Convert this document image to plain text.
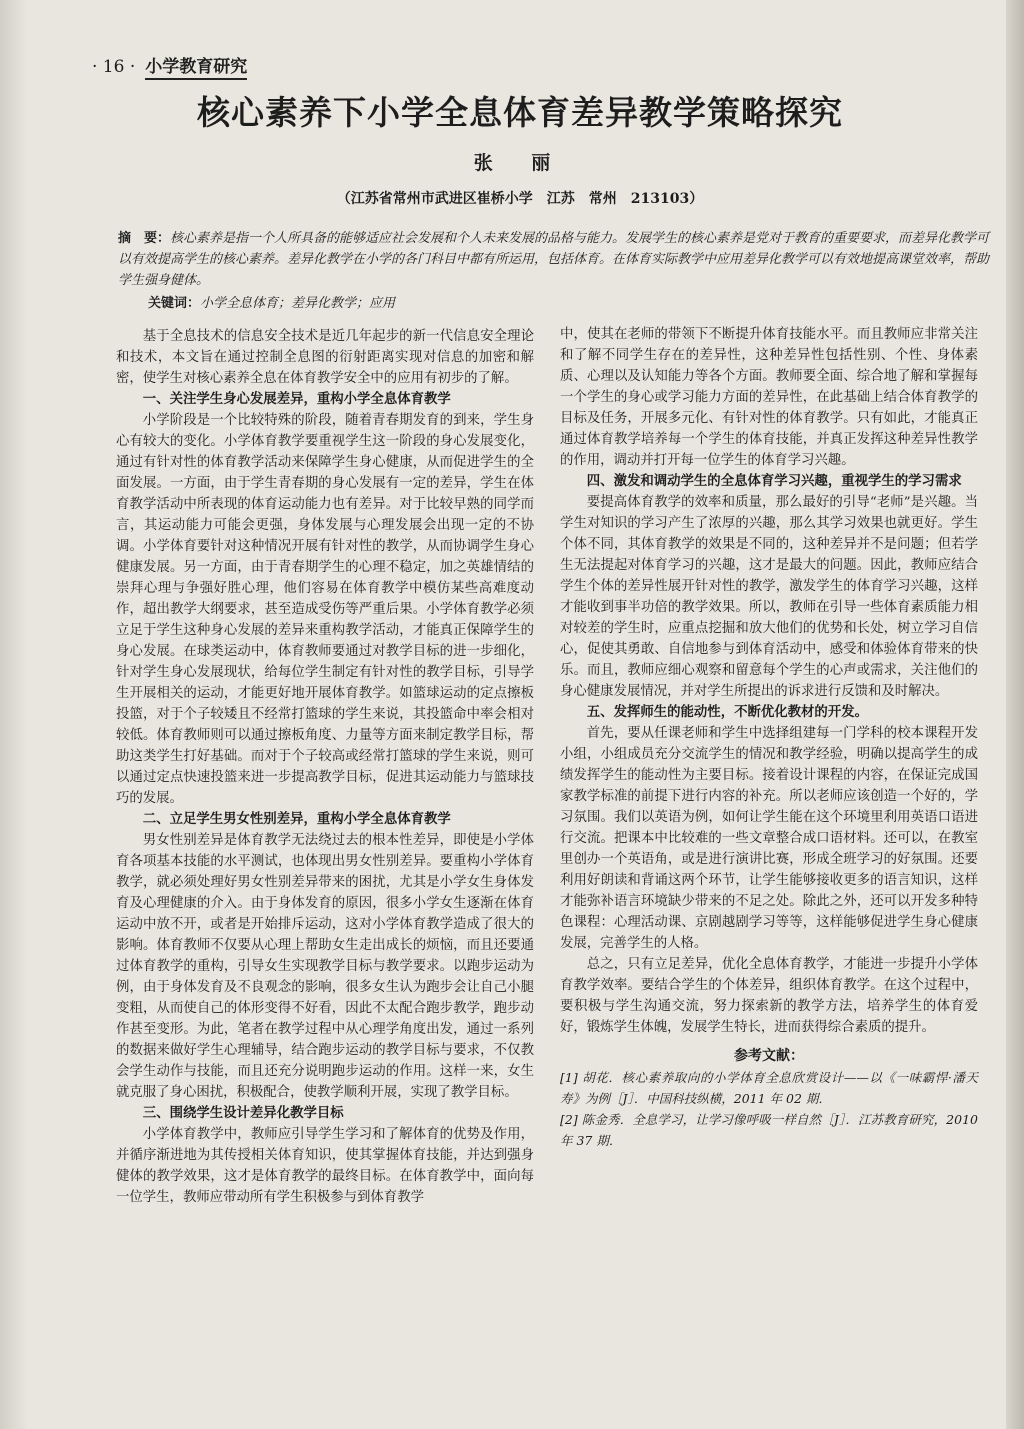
· 16 · 小学教育研究
核心素养下小学全息体育差异教学策略探究
张 丽
（江苏省常州市武进区崔桥小学　江苏　常州　213103）
摘　要：核心素养是指一个人所具备的能够适应社会发展和个人未来发展的品格与能力。发展学生的核心素养是党对于教育的重要要求，而差异化教学可以有效提高学生的核心素养。差异化教学在小学的各门科目中都有所运用，包括体育。在体育实际教学中应用差异化教学可以有效地提高课堂效率，帮助学生强身健体。
关键词：小学全息体育；差异化教学；应用

基于全息技术的信息安全技术是近几年起步的新一代信息安全理论和技术，本文旨在通过控制全息图的衍射距离实现对信息的加密和解密，使学生对核心素养全息在体育教学安全中的应用有初步的了解。

一、关注学生身心发展差异，重构小学全息体育教学

小学阶段是一个比较特殊的阶段，随着青春期发育的到来，学生身心有较大的变化。小学体育教学要重视学生这一阶段的身心发展变化，通过有针对性的体育教学活动来保障学生身心健康，从而促进学生的全面发展。一方面，由于学生青春期的身心发展有一定的差异，学生在体育教学活动中所表现的体育运动能力也有差异。对于比较早熟的同学而言，其运动能力可能会更强，身体发展与心理发展会出现一定的不协调。小学体育要针对这种情况开展有针对性的教学，从而协调学生身心健康发展。另一方面，由于青春期学生的心理不稳定，加之英雄情结的崇拜心理与争强好胜心理，他们容易在体育教学中模仿某些高难度动作，超出教学大纲要求，甚至造成受伤等严重后果。小学体育教学必须立足于学生这种身心发展的差异来重构教学活动，才能真正保障学生的身心发展。在球类运动中，体育教师要通过对教学目标的进一步细化，针对学生身心发展现状，给每位学生制定有针对性的教学目标，引导学生开展相关的运动，才能更好地开展体育教学。如篮球运动的定点擦板投篮，对于个子较矮且不经常打篮球的学生来说，其投篮命中率会相对较低。体育教师则可以通过擦板角度、力量等方面来制定教学目标，帮助这类学生打好基础。而对于个子较高或经常打篮球的学生来说，则可以通过定点快速投篮来进一步提高教学目标，促进其运动能力与篮球技巧的发展。

二、立足学生男女性别差异，重构小学全息体育教学

男女性别差异是体育教学无法绕过去的根本性差异，即使是小学体育各项基本技能的水平测试，也体现出男女性别差异。要重构小学体育教学，就必须处理好男女性别差异带来的困扰，尤其是小学女生身体发育及心理健康的介入。由于身体发育的原因，很多小学女生逐渐在体育运动中放不开，或者是开始排斥运动，这对小学体育教学造成了很大的影响。体育教师不仅要从心理上帮助女生走出成长的烦恼，而且还要通过体育教学的重构，引导女生实现教学目标与教学要求。以跑步运动为例，由于身体发育及不良观念的影响，很多女生认为跑步会让自己小腿变粗，从而使自己的体形变得不好看，因此不太配合跑步教学，跑步动作甚至变形。为此，笔者在教学过程中从心理学角度出发，通过一系列的数据来做好学生心理辅导，结合跑步运动的教学目标与要求，不仅教会学生动作与技能，而且还充分说明跑步运动的作用。这样一来，女生就克服了身心困扰，积极配合，使教学顺利开展，实现了教学目标。

三、围绕学生设计差异化教学目标

小学体育教学中，教师应引导学生学习和了解体育的优势及作用，并循序渐进地为其传授相关体育知识，使其掌握体育技能，并达到强身健体的教学效果，这才是体育教学的最终目标。在体育教学中，面向每一位学生，教师应带动所有学生积极参与到体育教学

中，使其在老师的带领下不断提升体育技能水平。而且教师应非常关注和了解不同学生存在的差异性，这种差异性包括性别、个性、身体素质、心理以及认知能力等各个方面。教师要全面、综合地了解和掌握每一个学生的身心或学习能力方面的差异性，在此基础上结合体育教学的目标及任务，开展多元化、有针对性的体育教学。只有如此，才能真正通过体育教学培养每一个学生的体育技能，并真正发挥这种差异性教学的作用，调动并打开每一位学生的体育学习兴趣。

四、激发和调动学生的全息体育学习兴趣，重视学生的学习需求

要提高体育教学的效率和质量，那么最好的引导“老师”是兴趣。当学生对知识的学习产生了浓厚的兴趣，那么其学习效果也就更好。学生个体不同，其体育教学的效果是不同的，这种差异并不是问题；但若学生无法提起对体育学习的兴趣，这才是最大的问题。因此，教师应结合学生个体的差异性展开针对性的教学，激发学生的体育学习兴趣，这样才能收到事半功倍的教学效果。所以，教师在引导一些体育素质能力相对较差的学生时，应重点挖掘和放大他们的优势和长处，树立学习自信心，促使其勇敢、自信地参与到体育活动中，感受和体验体育带来的快乐。而且，教师应细心观察和留意每个学生的心声或需求，关注他们的身心健康发展情况，并对学生所提出的诉求进行反馈和及时解决。

五、发挥师生的能动性，不断优化教材的开发。

首先，要从任课老师和学生中选择组建每一门学科的校本课程开发小组，小组成员充分交流学生的情况和教学经验，明确以提高学生的成绩发挥学生的能动性为主要目标。接着设计课程的内容，在保证完成国家教学标准的前提下进行内容的补充。所以老师应该创造一个好的，学习氛围。我们以英语为例，如何让学生能在这个环境里利用英语口语进行交流。把课本中比较难的一些文章整合成口语材料。还可以，在教室里创办一个英语角，或是进行演讲比赛，形成全班学习的好氛围。还要利用好朗读和背诵这两个环节，让学生能够接收更多的语言知识，这样才能弥补语言环境缺少带来的不足之处。除此之外，还可以开发多种特色课程：心理活动课、京剧越剧学习等等，这样能够促进学生身心健康发展，完善学生的人格。

总之，只有立足差异，优化全息体育教学，才能进一步提升小学体育教学效率。要结合学生的个体差异，组织体育教学。在这个过程中，要积极与学生沟通交流，努力探索新的教学方法，培养学生的体育爱好，锻炼学生体魄，发展学生特长，进而获得综合素质的提升。

参考文献：

[1] 胡花．核心素养取向的小学体育全息欣赏设计——以《一味霸悍·潘天寿》为例［J］．中国科技纵横，2011 年 02 期．

[2] 陈金秀．全息学习，让学习像呼吸一样自然［J］．江苏教育研究，2010 年 37 期．
